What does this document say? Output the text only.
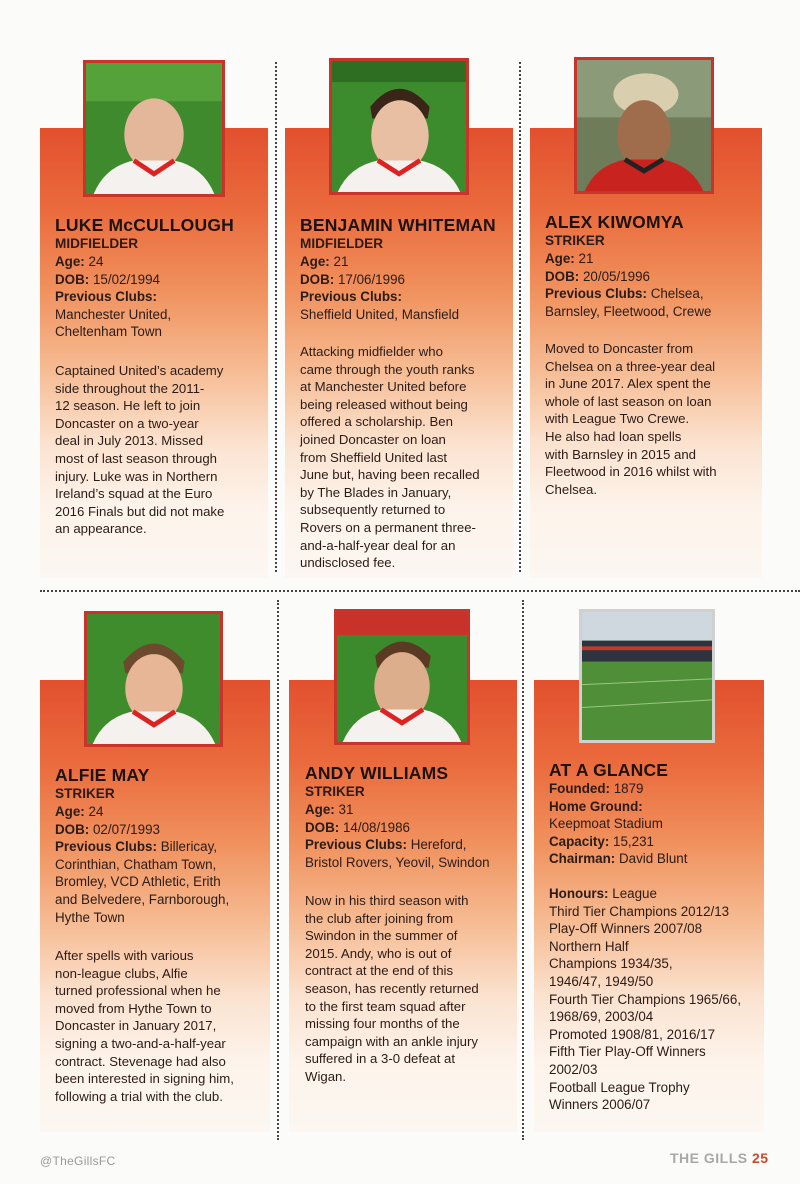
LUKE McCULLOUGH
MIDFIELDER
Age: 24
DOB: 15/02/1994
Previous Clubs:
Manchester United,
Cheltenham Town
Captained United’s academy
side throughout the 2011-
12 season. He left to join
Doncaster on a two-year
deal in July 2013. Missed
most of last season through
injury. Luke was in Northern
Ireland’s squad at the Euro
2016 Finals but did not make
an appearance.
BENJAMIN WHITEMAN
MIDFIELDER
Age: 21
DOB: 17/06/1996
Previous Clubs:
Sheffield United, Mansfield
Attacking midfielder who
came through the youth ranks
at Manchester United before
being released without being
offered a scholarship. Ben
joined Doncaster on loan
from Sheffield United last
June but, having been recalled
by The Blades in January,
subsequently returned to
Rovers on a permanent three-
and-a-half-year deal for an
undisclosed fee.
ALEX KIWOMYA
STRIKER
Age: 21
DOB: 20/05/1996
Previous Clubs: Chelsea,
Barnsley, Fleetwood, Crewe
Moved to Doncaster from
Chelsea on a three-year deal
in June 2017. Alex spent the
whole of last season on loan
with League Two Crewe.
He also had loan spells
with Barnsley in 2015 and
Fleetwood in 2016 whilst with
Chelsea.
ALFIE MAY
STRIKER
Age: 24
DOB: 02/07/1993
Previous Clubs: Billericay,
Corinthian, Chatham Town,
Bromley, VCD Athletic, Erith
and Belvedere, Farnborough,
Hythe Town
After spells with various
non-league clubs, Alfie
turned professional when he
moved from Hythe Town to
Doncaster in January 2017,
signing a two-and-a-half-year
contract. Stevenage had also
been interested in signing him,
following a trial with the club.
ANDY WILLIAMS
STRIKER
Age: 31
DOB: 14/08/1986
Previous Clubs: Hereford,
Bristol Rovers, Yeovil, Swindon
Now in his third season with
the club after joining from
Swindon in the summer of
2015. Andy, who is out of
contract at the end of this
season, has recently returned
to the first team squad after
missing four months of the
campaign with an ankle injury
suffered in a 3-0 defeat at
Wigan.
AT A GLANCE
Founded: 1879
Home Ground:
Keepmoat Stadium
Capacity: 15,231
Chairman: David Blunt
Honours: League
Third Tier Champions 2012/13
Play-Off Winners 2007/08
Northern Half
Champions 1934/35,
1946/47, 1949/50
Fourth Tier Champions 1965/66,
1968/69, 2003/04
Promoted 1908/81, 2016/17
Fifth Tier Play-Off Winners
2002/03
Football League Trophy
Winners 2006/07
@TheGillsFC	THE GILLS 25
